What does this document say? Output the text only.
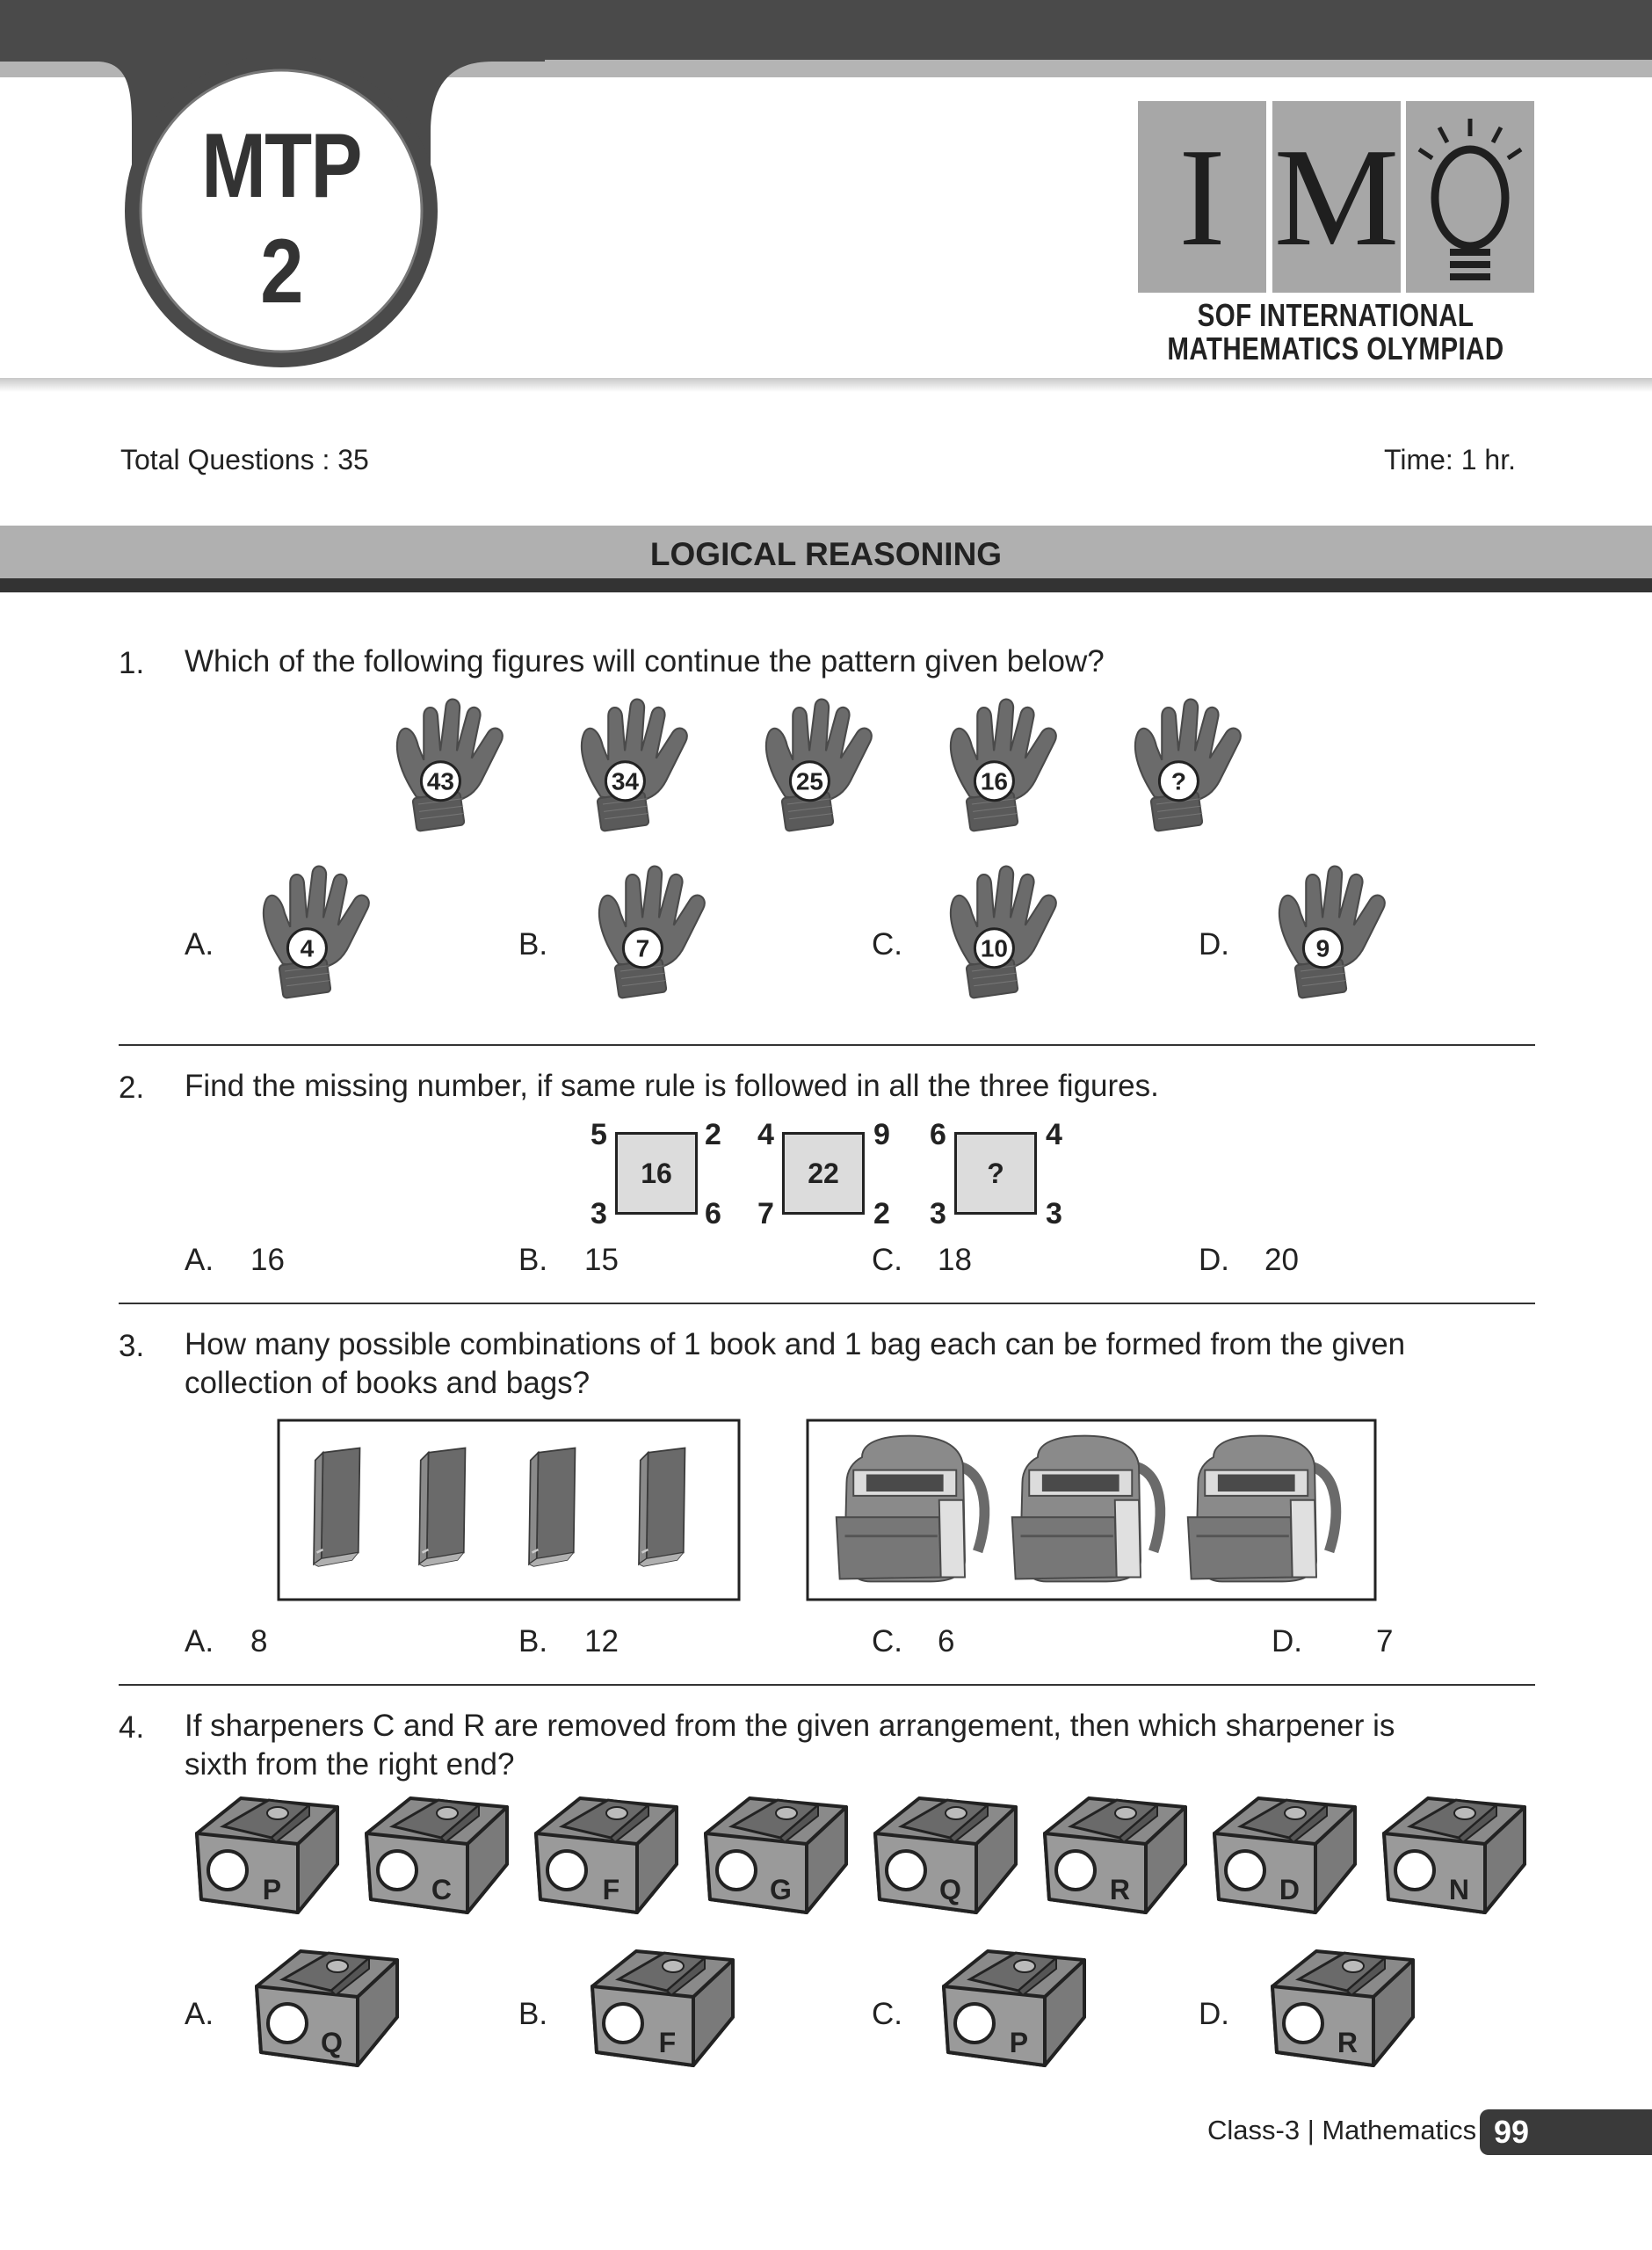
MTP
2	I M
SOF INTERNATIONAL
MATHEMATICS OLYMPIAD
Total Questions : 35	Time: 1 hr.
LOGICAL REASONING
1. Which of the following figures will continue the pattern given below?
43	34	25	16	?
A.	B.	C.	D.
4	7	10	9
2. Find the missing number, if same rule is followed in all the three figures.
5	2
16
3	6
4	9
22
7	2
6	4
?
3	3
A. 16	B. 15	C. 18	D. 20
3. How many possible combinations of 1 book and 1 bag each can be formed from the given
collection of books and bags?
A. 8	B. 12	C. 6	D. 7
4. If sharpeners C and R are removed from the given arrangement, then which sharpener is
sixth from the right end?
P	C	F	G	Q	R	D	N
A.	B.	C.	D.
Q	F	P	R
Class-3 | Mathematics 99
